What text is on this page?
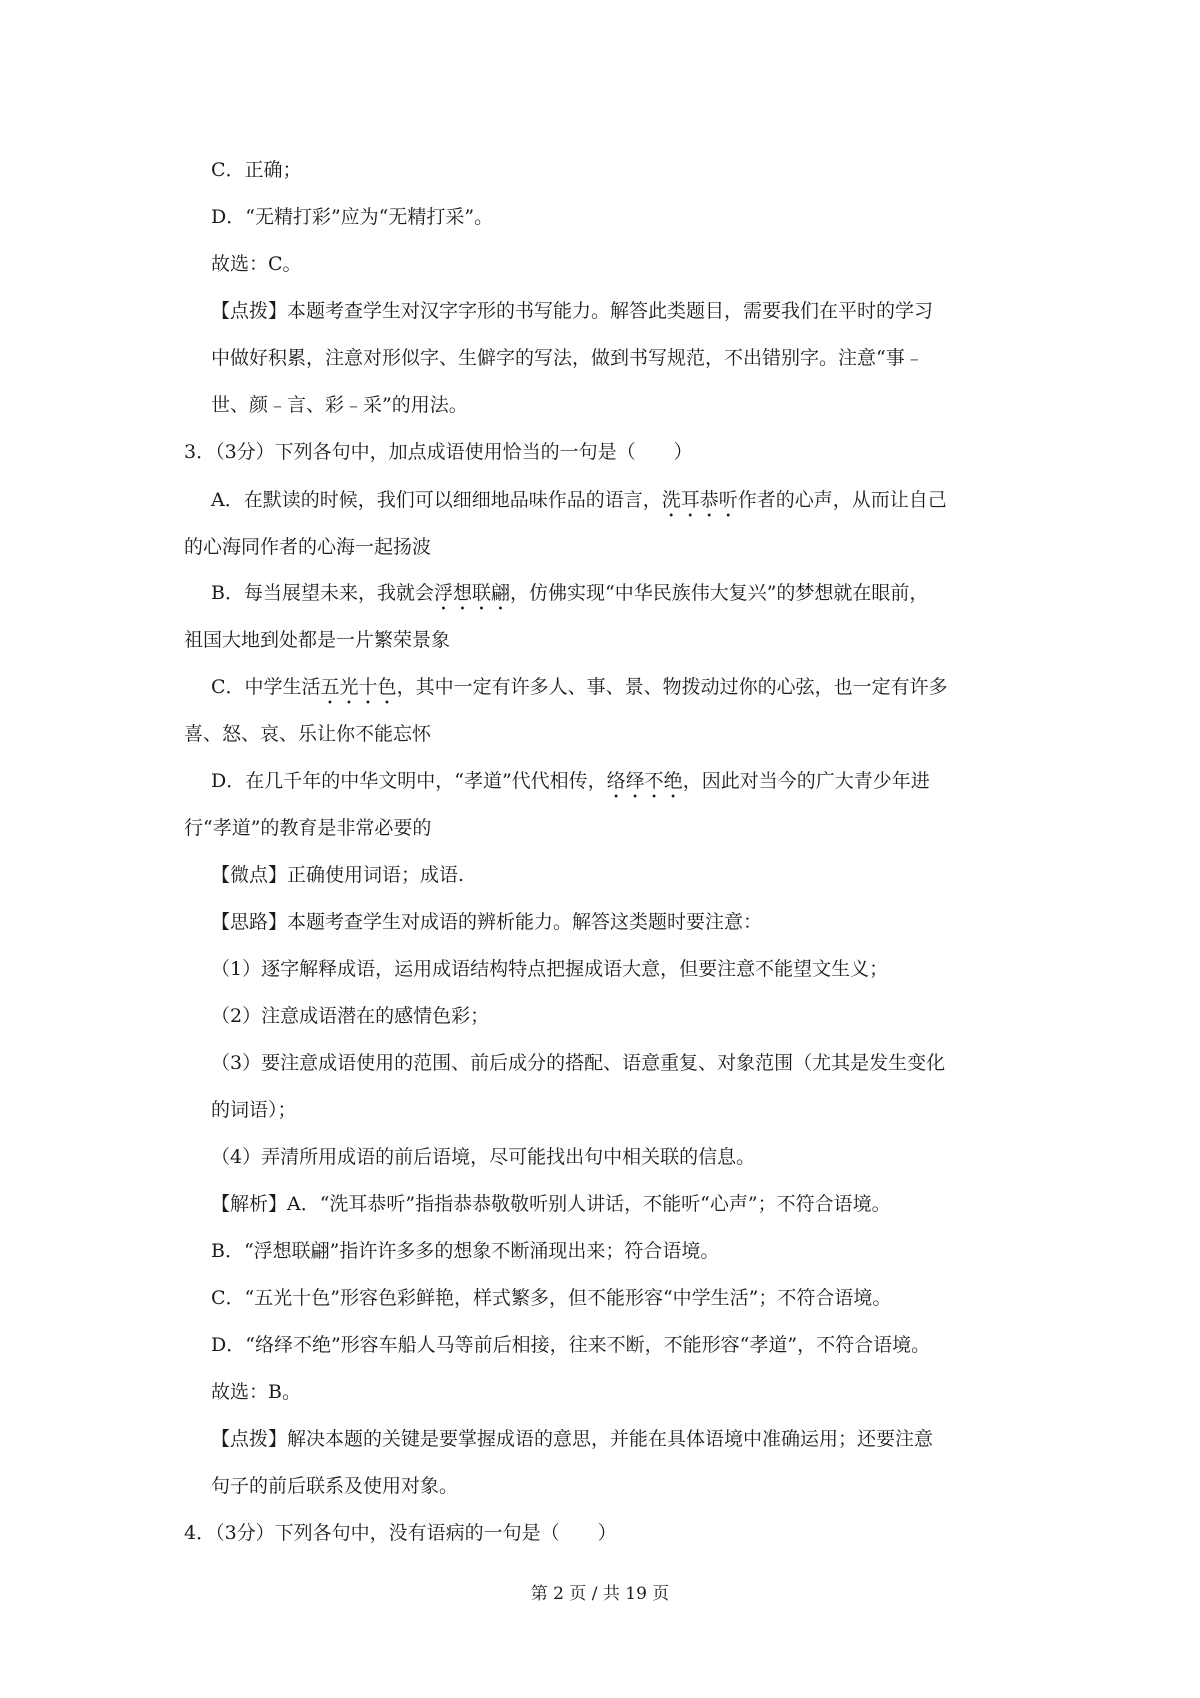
C．正确；
D．“无精打彩”应为“无精打采”。
故选：C。
【点拨】本题考查学生对汉字字形的书写能力。解答此类题目，需要我们在平时的学习
中做好积累，注意对形似字、生僻字的写法，做到书写规范，不出错别字。注意“事﹣
世、颜﹣言、彩﹣采”的用法。
3．（3分）下列各句中，加点成语使用恰当的一句是（　　）
A．在默读的时候，我们可以细细地品味作品的语言，洗耳恭听作者的心声，从而让自己
的心海同作者的心海一起扬波
B．每当展望未来，我就会浮想联翩，仿佛实现“中华民族伟大复兴”的梦想就在眼前，
祖国大地到处都是一片繁荣景象
C．中学生活五光十色，其中一定有许多人、事、景、物拨动过你的心弦，也一定有许多
喜、怒、哀、乐让你不能忘怀
D．在几千年的中华文明中，“孝道”代代相传，络绎不绝，因此对当今的广大青少年进
行“孝道”的教育是非常必要的
【微点】正确使用词语；成语.
【思路】本题考查学生对成语的辨析能力。解答这类题时要注意：
（1）逐字解释成语，运用成语结构特点把握成语大意，但要注意不能望文生义；
（2）注意成语潜在的感情色彩；
（3）要注意成语使用的范围、前后成分的搭配、语意重复、对象范围（尤其是发生变化
的词语）；
（4）弄清所用成语的前后语境，尽可能找出句中相关联的信息。
【解析】A．“洗耳恭听”指指恭恭敬敬听别人讲话，不能听“心声”；不符合语境。
B．“浮想联翩”指许许多多的想象不断涌现出来；符合语境。
C．“五光十色”形容色彩鲜艳，样式繁多，但不能形容“中学生活”；不符合语境。
D．“络绎不绝”形容车船人马等前后相接，往来不断，不能形容“孝道”，不符合语境。
故选：B。
【点拨】解决本题的关键是要掌握成语的意思，并能在具体语境中准确运用；还要注意
句子的前后联系及使用对象。
4．（3分）下列各句中，没有语病的一句是（　　）
第 2 页 / 共 19 页
